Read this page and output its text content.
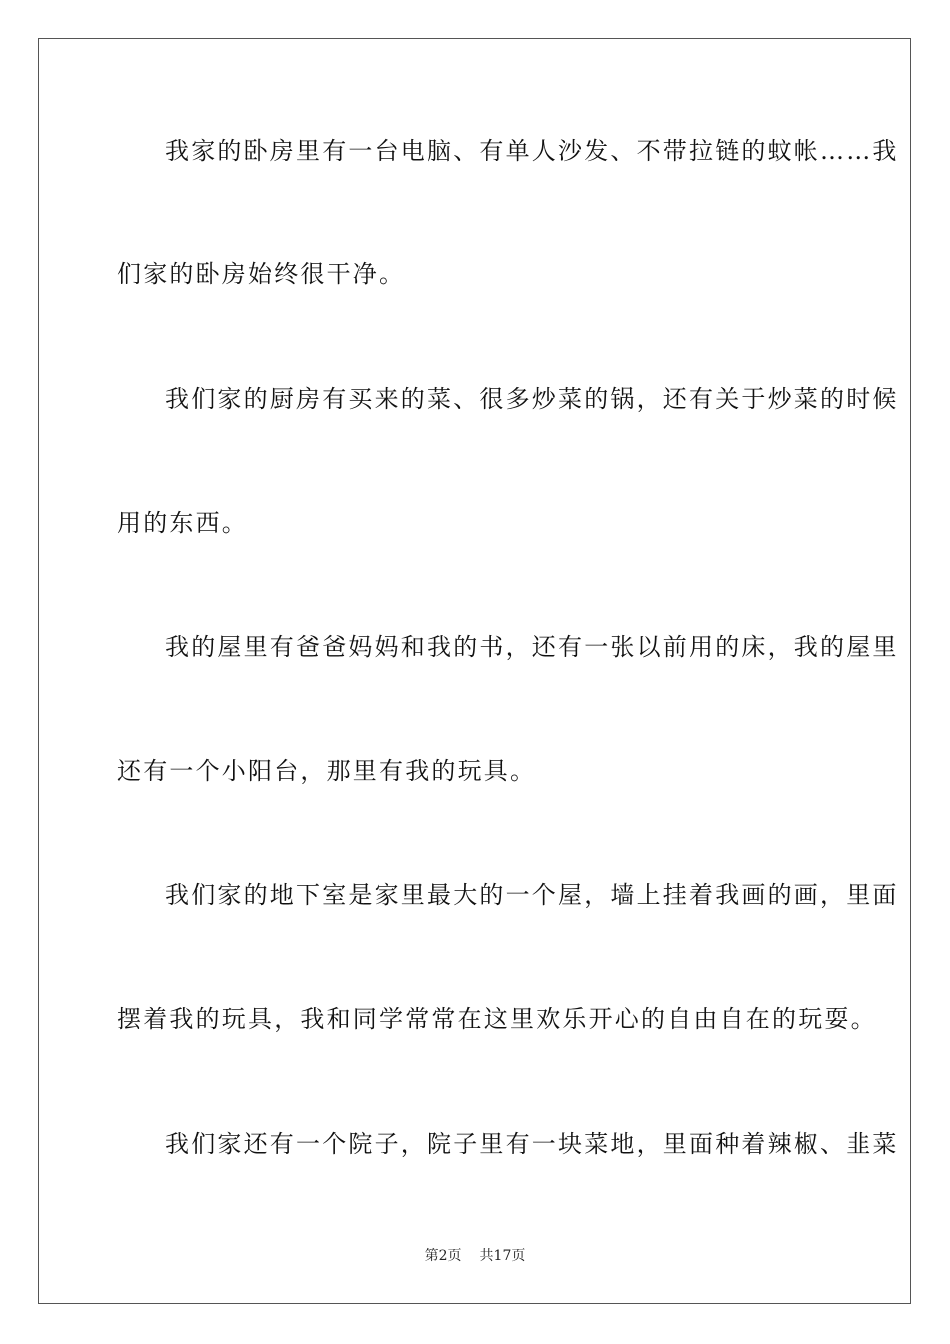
我家的卧房里有一台电脑、有单人沙发、不带拉链的蚊帐……我
们家的卧房始终很干净。
我们家的厨房有买来的菜、很多炒菜的锅，还有关于炒菜的时候
用的东西。
我的屋里有爸爸妈妈和我的书，还有一张以前用的床，我的屋里
还有一个小阳台，那里有我的玩具。
我们家的地下室是家里最大的一个屋，墙上挂着我画的画，里面
摆着我的玩具，我和同学常常在这里欢乐开心的自由自在的玩耍。
我们家还有一个院子，院子里有一块菜地，里面种着辣椒、韭菜
第2页 共17页
